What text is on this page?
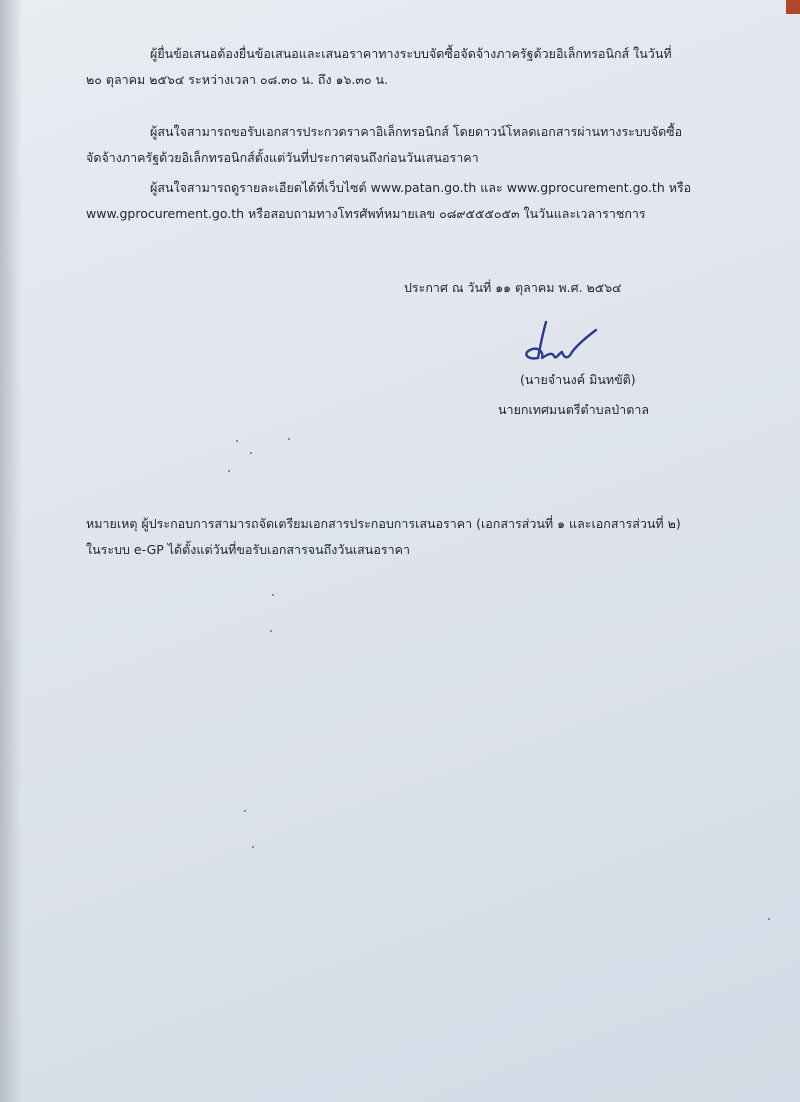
ผู้ยื่นข้อเสนอต้องยื่นข้อเสนอและเสนอราคาทางระบบจัดซื้อจัดจ้างภาครัฐด้วยอิเล็กทรอนิกส์ ในวันที่
๒๐ ตุลาคม ๒๕๖๔ ระหว่างเวลา ๐๘.๓๐ น. ถึง ๑๖.๓๐ น.
ผู้สนใจสามารถขอรับเอกสารประกวดราคาอิเล็กทรอนิกส์ โดยดาวน์โหลดเอกสารผ่านทางระบบจัดซื้อ
จัดจ้างภาครัฐด้วยอิเล็กทรอนิกส์ตั้งแต่วันที่ประกาศจนถึงก่อนวันเสนอราคา
ผู้สนใจสามารถดูรายละเอียดได้ที่เว็บไซต์ www.patan.go.th และ www.gprocurement.go.th หรือ
www.gprocurement.go.th หรือสอบถามทางโทรศัพท์หมายเลข ๐๘๙๕๕๕๐๕๓ ในวันและเวลาราชการ
ประกาศ ณ วันที่ ๑๑ ตุลาคม พ.ศ. ๒๕๖๔
(นายจำนงค์ มินทขัติ)
นายกเทศมนตรีตำบลป่าตาล
หมายเหตุ ผู้ประกอบการสามารถจัดเตรียมเอกสารประกอบการเสนอราคา (เอกสารส่วนที่ ๑ และเอกสารส่วนที่ ๒)
ในระบบ e-GP ได้ตั้งแต่วันที่ขอรับเอกสารจนถึงวันเสนอราคา
